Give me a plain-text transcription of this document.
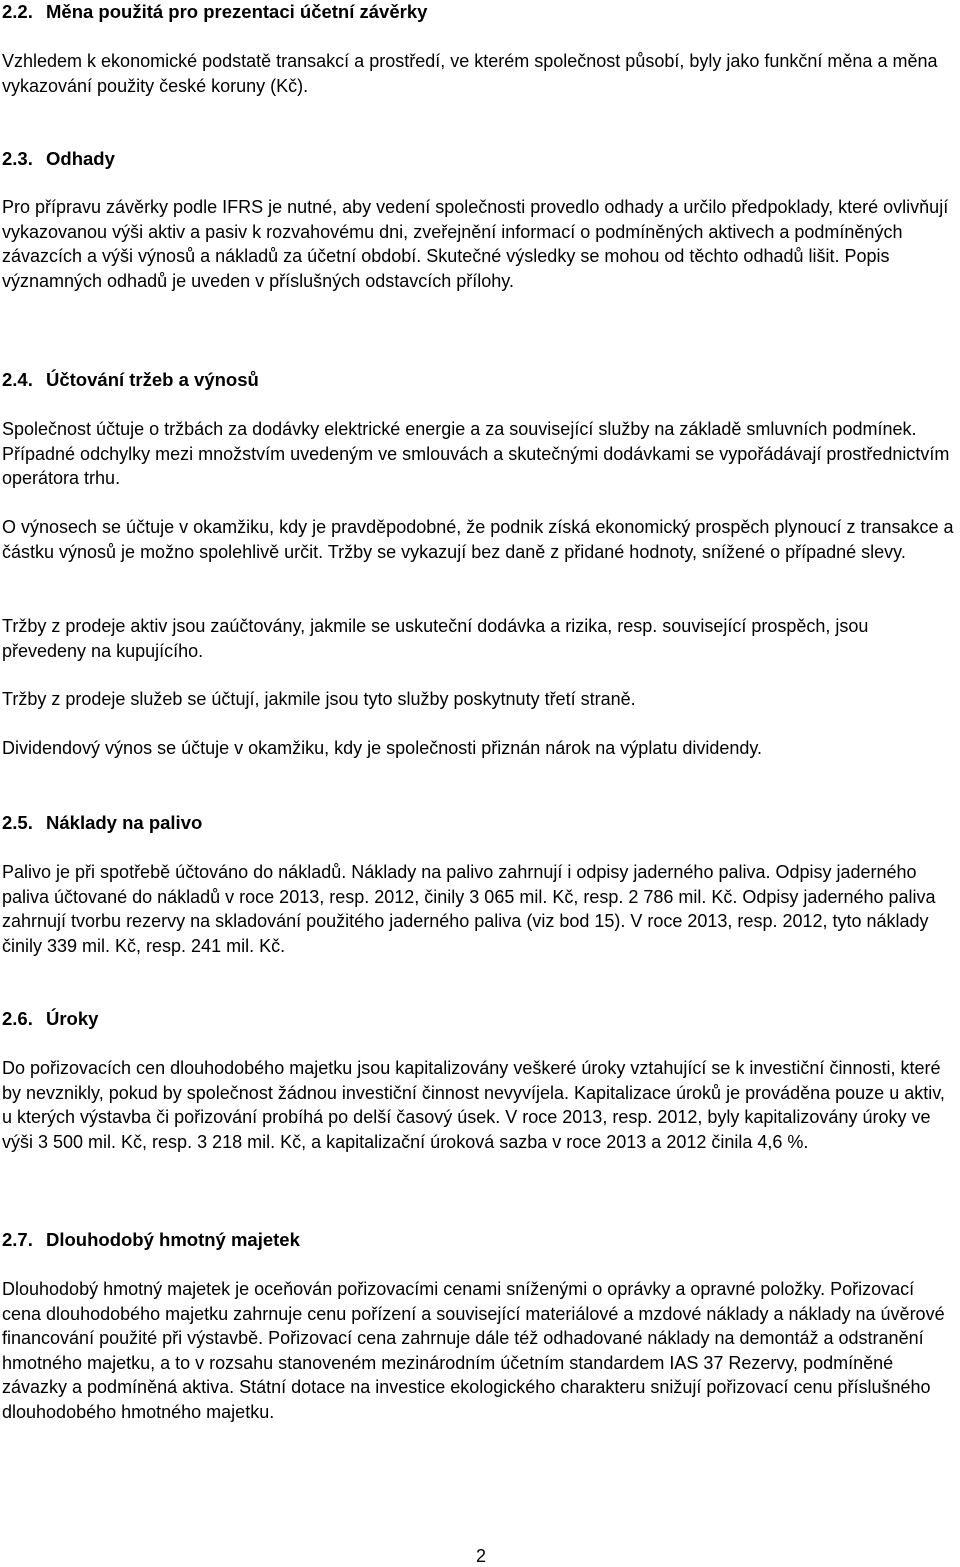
2.2. Měna použitá pro prezentaci účetní závěrky

Vzhledem k ekonomické podstatě transakcí a prostředí, ve kterém společnost působí, byly jako funkční měna a měna vykazování použity české koruny (Kč).

2.3. Odhady

Pro přípravu závěrky podle IFRS je nutné, aby vedení společnosti provedlo odhady a určilo předpoklady, které ovlivňují vykazovanou výši aktiv a pasiv k rozvahovému dni, zveřejnění informací o podmíněných aktivech a podmíněných závazcích a výši výnosů a nákladů za účetní období. Skutečné výsledky se mohou od těchto odhadů lišit. Popis významných odhadů je uveden v příslušných odstavcích přílohy.

2.4. Účtování tržeb a výnosů

Společnost účtuje o tržbách za dodávky elektrické energie a za související služby na základě smluvních podmínek. Případné odchylky mezi množstvím uvedeným ve smlouvách a skutečnými dodávkami se vypořádávají prostřednictvím operátora trhu.

O výnosech se účtuje v okamžiku, kdy je pravděpodobné, že podnik získá ekonomický prospěch plynoucí z transakce a částku výnosů je možno spolehlivě určit. Tržby se vykazují bez daně z přidané hodnoty, snížené o případné slevy.

Tržby z prodeje aktiv jsou zaúčtovány, jakmile se uskuteční dodávka a rizika, resp. související prospěch, jsou převedeny na kupujícího.

Tržby z prodeje služeb se účtují, jakmile jsou tyto služby poskytnuty třetí straně.

Dividendový výnos se účtuje v okamžiku, kdy je společnosti přiznán nárok na výplatu dividendy.

2.5. Náklady na palivo

Palivo je při spotřebě účtováno do nákladů. Náklady na palivo zahrnují i odpisy jaderného paliva. Odpisy jaderného paliva účtované do nákladů v roce 2013, resp. 2012, činily 3 065 mil. Kč, resp. 2 786 mil. Kč. Odpisy jaderného paliva zahrnují tvorbu rezervy na skladování použitého jaderného paliva (viz bod 15). V roce 2013, resp. 2012, tyto náklady činily 339 mil. Kč, resp. 241 mil. Kč.

2.6. Úroky

Do pořizovacích cen dlouhodobého majetku jsou kapitalizovány veškeré úroky vztahující se k investiční činnosti, které by nevznikly, pokud by společnost žádnou investiční činnost nevyvíjela. Kapitalizace úroků je prováděna pouze u aktiv, u kterých výstavba či pořizování probíhá po delší časový úsek. V roce 2013, resp. 2012, byly kapitalizovány úroky ve výši 3 500 mil. Kč, resp. 3 218 mil. Kč, a kapitalizační úroková sazba v roce 2013 a 2012 činila 4,6 %.

2.7. Dlouhodobý hmotný majetek

Dlouhodobý hmotný majetek je oceňován pořizovacími cenami sníženými o oprávky a opravné položky. Pořizovací cena dlouhodobého majetku zahrnuje cenu pořízení a související materiálové a mzdové náklady a náklady na úvěrové financování použité při výstavbě. Pořizovací cena zahrnuje dále též odhadované náklady na demontáž a odstranění hmotného majetku, a to v rozsahu stanoveném mezinárodním účetním standardem IAS 37 Rezervy, podmíněné závazky a podmíněná aktiva. Státní dotace na investice ekologického charakteru snižují pořizovací cenu příslušného dlouhodobého hmotného majetku.

2
